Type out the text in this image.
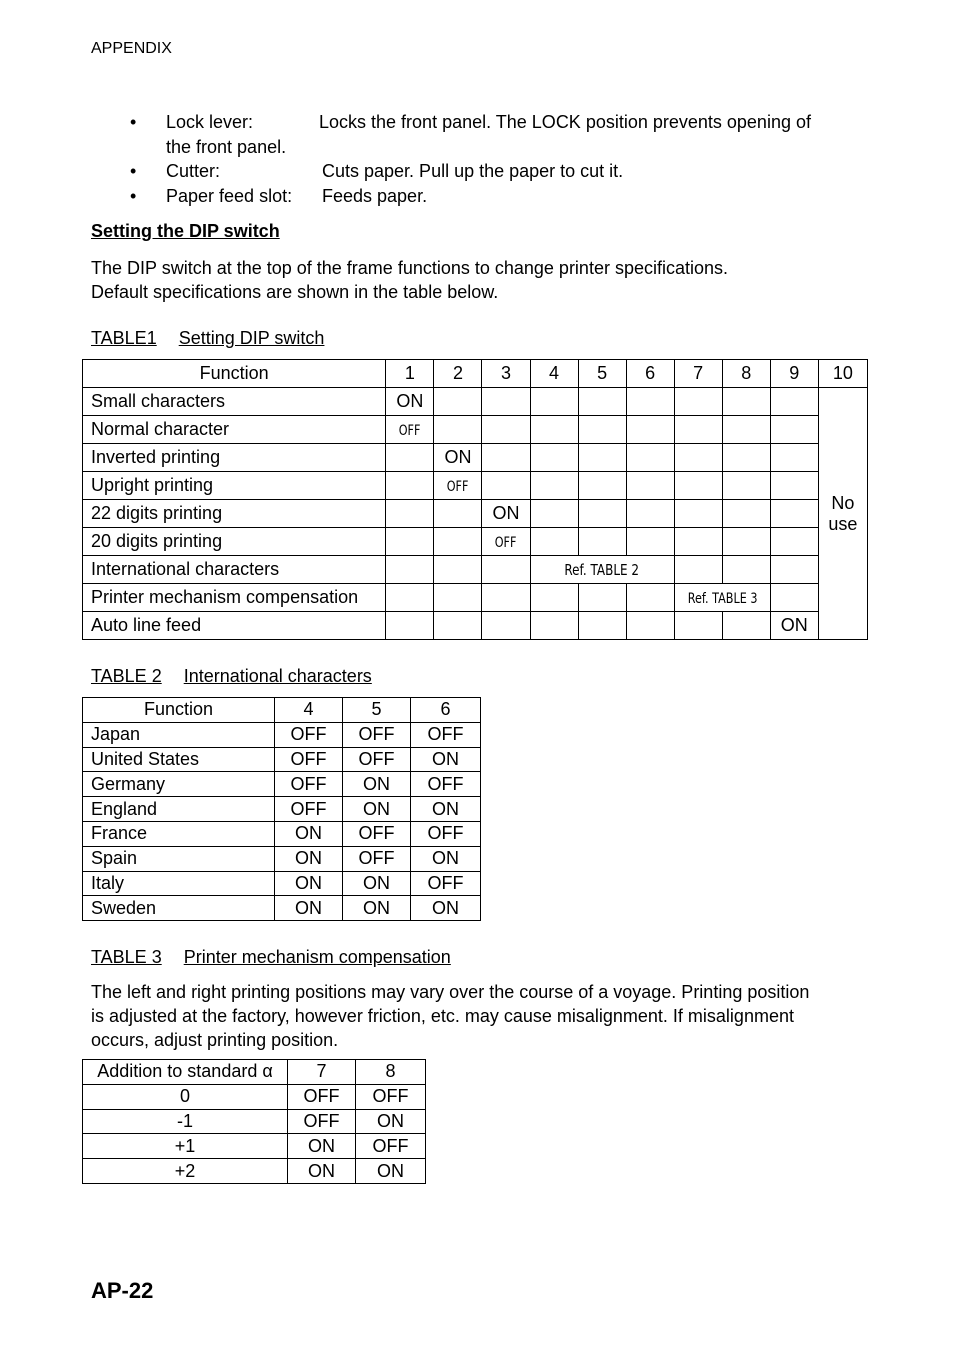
APPENDIX
•	Lock lever:	Locks the front panel. The LOCK position prevents opening of
the front panel.
•	Cutter:	Cuts paper. Pull up the paper to cut it.
•	Paper feed slot: Feeds paper.
Setting the DIP switch
The DIP switch at the top of the frame functions to change printer specifications.
Default specifications are shown in the table below.
TABLE1 Setting DIP switch
Function	1	2	3	4	5	6	7	8	9	10
Small characters	ON									No
use

Normal character	OFF									
Inverted printing		ON								
Upright printing		OFF								
22 digits printing			ON							
20 digits printing			OFF							
International characters				Ref. TABLE 2						
Printer mechanism compensation							Ref. TABLE 3			
Auto line feed									ON	
TABLE 2 International characters
Function	4	5	6
Japan	OFF	OFF	OFF
United States	OFF	OFF	ON
Germany	OFF	ON	OFF
England	OFF	ON	ON
France	ON	OFF	OFF
Spain	ON	OFF	ON
Italy	ON	ON	OFF
Sweden	ON	ON	ON
TABLE 3 Printer mechanism compensation
The left and right printing positions may vary over the course of a voyage. Printing position
is adjusted at the factory, however friction, etc. may cause misalignment. If misalignment
occurs, adjust printing position.
Addition to standard α	7	8
0	OFF	OFF
-1	OFF	ON
+1	ON	OFF
+2	ON	ON
AP-22
